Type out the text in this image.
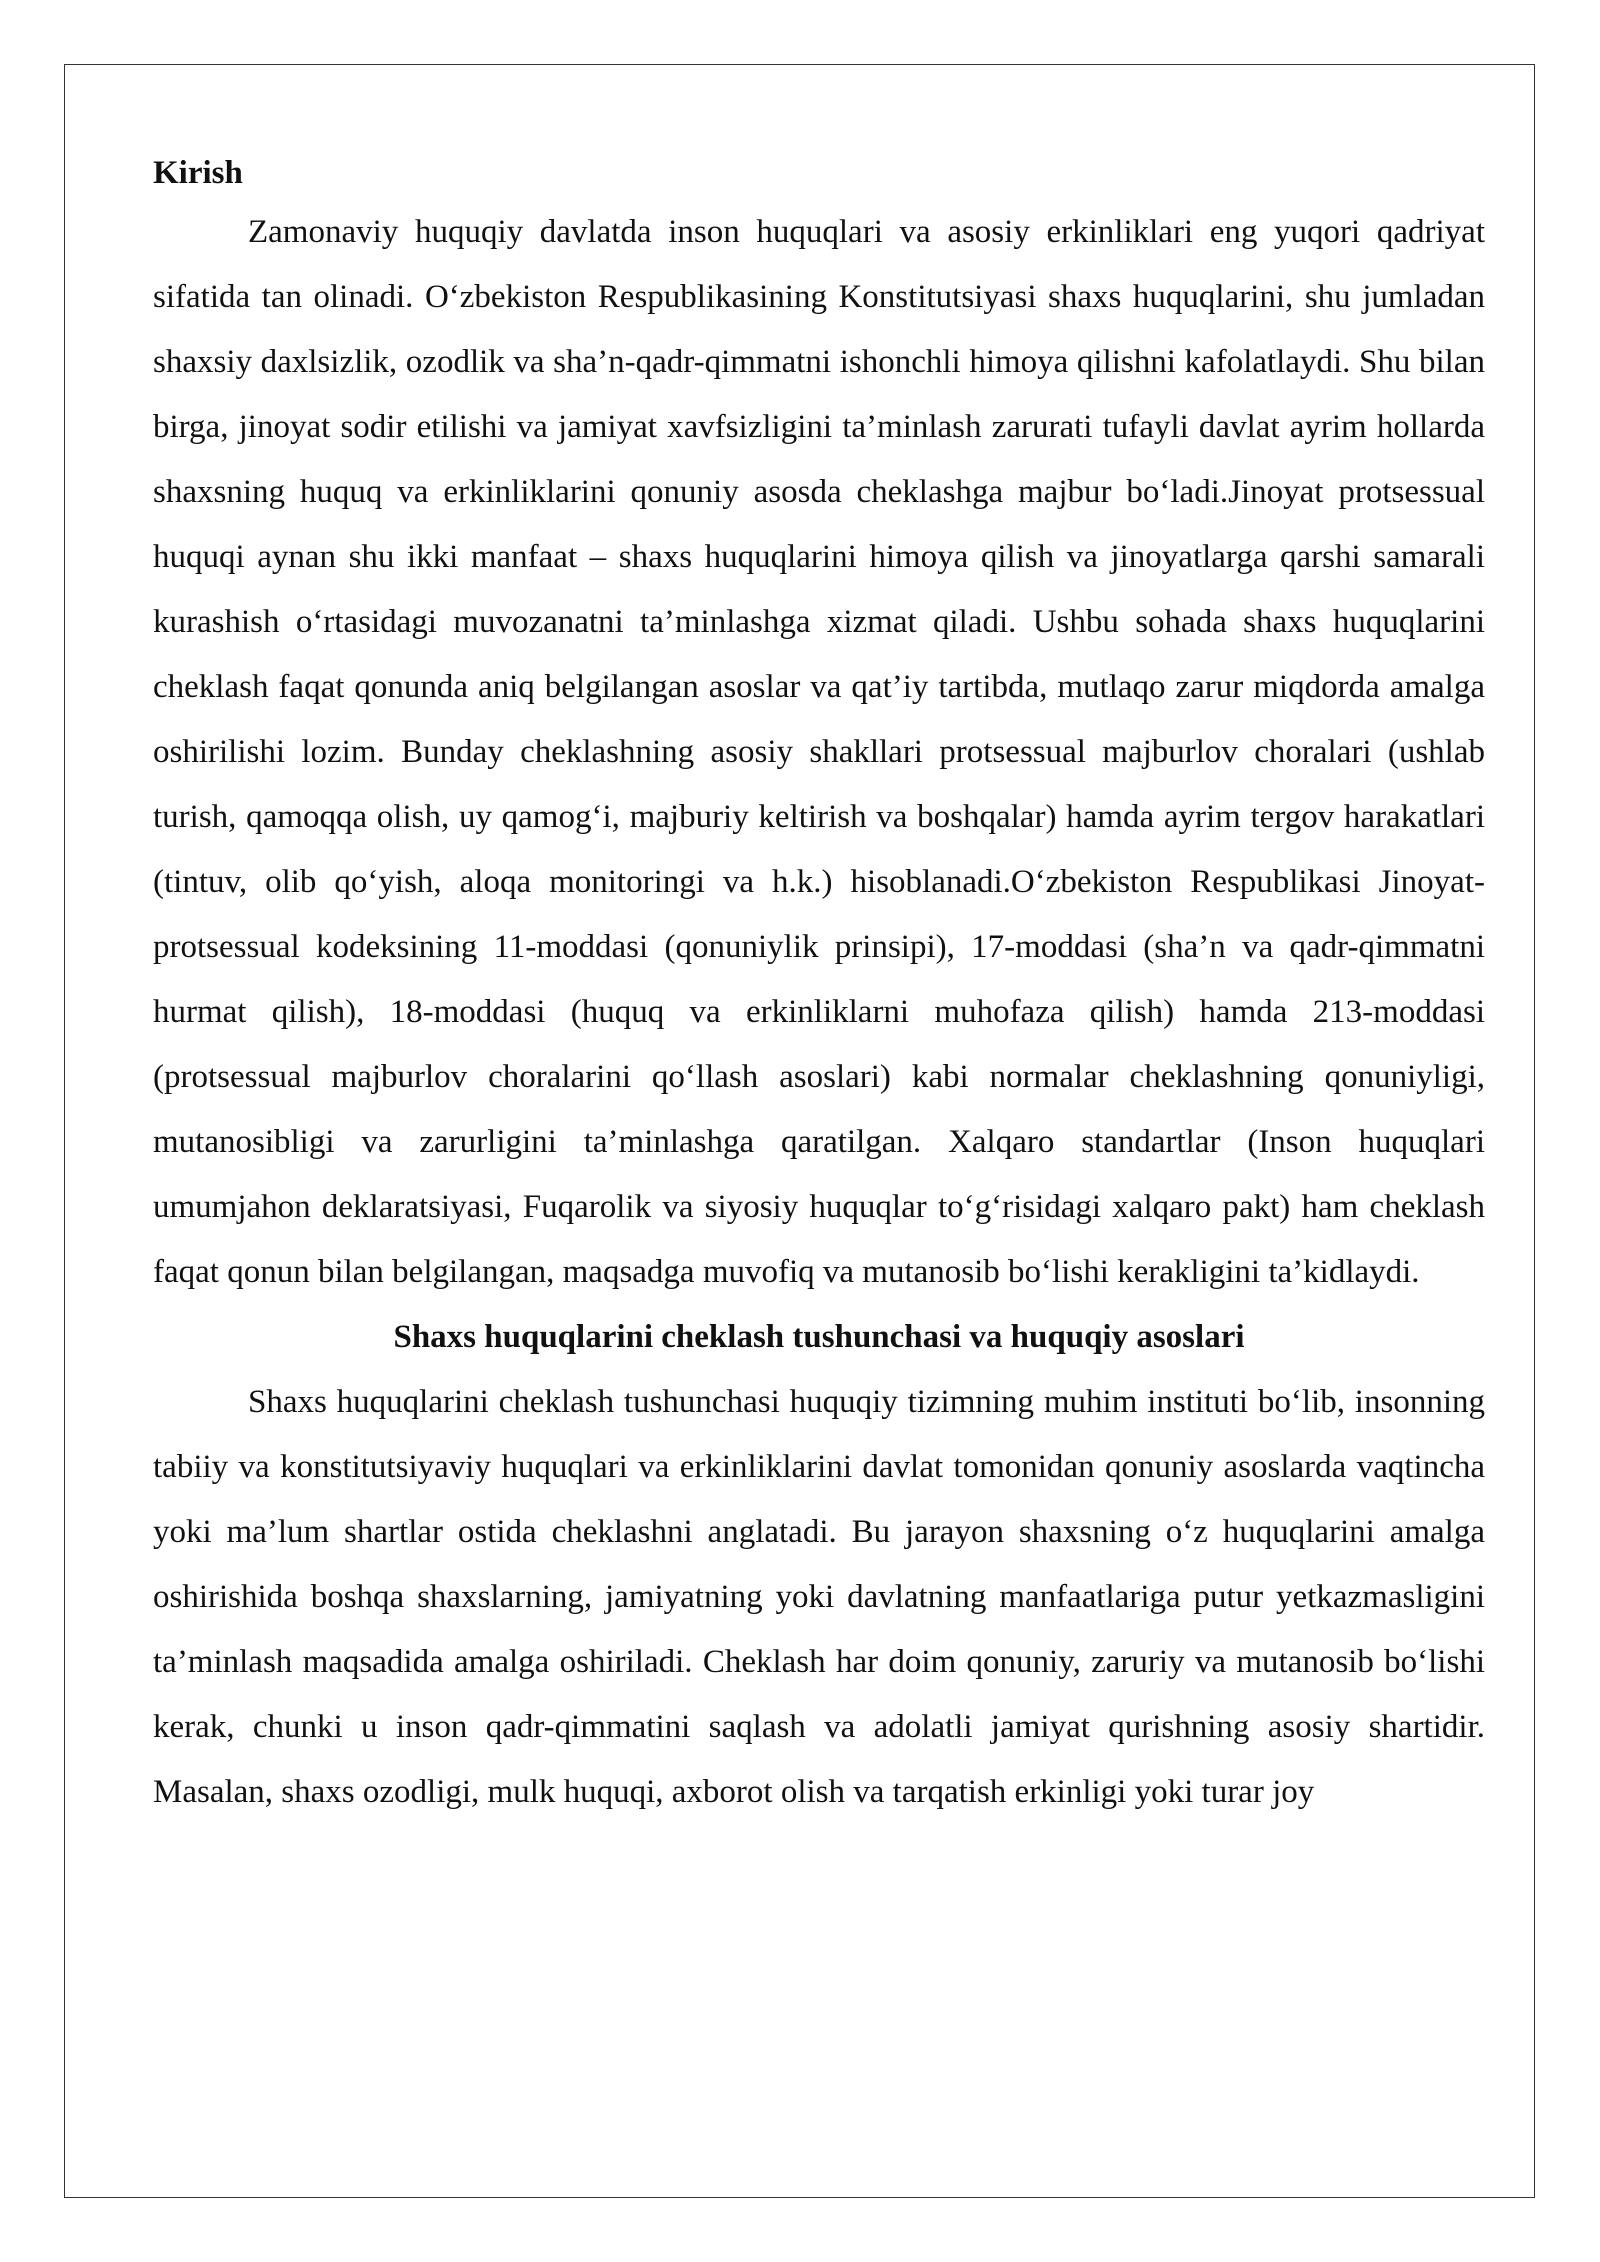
Kirish

Zamonaviy huquqiy davlatda inson huquqlari va asosiy erkinliklari eng yuqori qadriyat sifatida tan olinadi. O‘zbekiston Respublikasining Konstitutsiyasi shaxs huquqlarini, shu jumladan shaxsiy daxlsizlik, ozodlik va sha’n-qadr-qimmatni ishonchli himoya qilishni kafolatlaydi. Shu bilan birga, jinoyat sodir etilishi va jamiyat xavfsizligini ta’minlash zarurati tufayli davlat ayrim hollarda shaxsning huquq va erkinliklarini qonuniy asosda cheklashga majbur bo‘ladi.Jinoyat protsessual huquqi aynan shu ikki manfaat – shaxs huquqlarini himoya qilish va jinoyatlarga qarshi samarali kurashish o‘rtasidagi muvozanatni ta’minlashga xizmat qiladi. Ushbu sohada shaxs huquqlarini cheklash faqat qonunda aniq belgilangan asoslar va qat’iy tartibda, mutlaqo zarur miqdorda amalga oshirilishi lozim. Bunday cheklashning asosiy shakllari protsessual majburlov choralari (ushlab turish, qamoqqa olish, uy qamog‘i, majburiy keltirish va boshqalar) hamda ayrim tergov harakatlari (tintuv, olib qo‘yish, aloqa monitoringi va h.k.) hisoblanadi.O‘zbekiston Respublikasi Jinoyat-protsessual kodeksining 11-moddasi (qonuniylik prinsipi), 17-moddasi (sha’n va qadr-qimmatni hurmat qilish), 18-moddasi (huquq va erkinliklarni muhofaza qilish) hamda 213-moddasi (protsessual majburlov choralarini qo‘llash asoslari) kabi normalar cheklashning qonuniyligi, mutanosibligi va zarurligini ta’minlashga qaratilgan. Xalqaro standartlar (Inson huquqlari umumjahon deklaratsiyasi, Fuqarolik va siyosiy huquqlar to‘g‘risidagi xalqaro pakt) ham cheklash faqat qonun bilan belgilangan, maqsadga muvofiq va mutanosib bo‘lishi kerakligini ta’kidlaydi.

Shaxs huquqlarini cheklash tushunchasi va huquqiy asoslari

Shaxs huquqlarini cheklash tushunchasi huquqiy tizimning muhim instituti bo‘lib, insonning tabiiy va konstitutsiyaviy huquqlari va erkinliklarini davlat tomonidan qonuniy asoslarda vaqtincha yoki ma’lum shartlar ostida cheklashni anglatadi. Bu jarayon shaxsning o‘z huquqlarini amalga oshirishida boshqa shaxslarning, jamiyatning yoki davlatning manfaatlariga putur yetkazmasligini ta’minlash maqsadida amalga oshiriladi. Cheklash har doim qonuniy, zaruriy va mutanosib bo‘lishi kerak, chunki u inson qadr-qimmatini saqlash va adolatli jamiyat qurishning asosiy shartidir. Masalan, shaxs ozodligi, mulk huquqi, axborot olish va tarqatish erkinligi yoki turar joy
